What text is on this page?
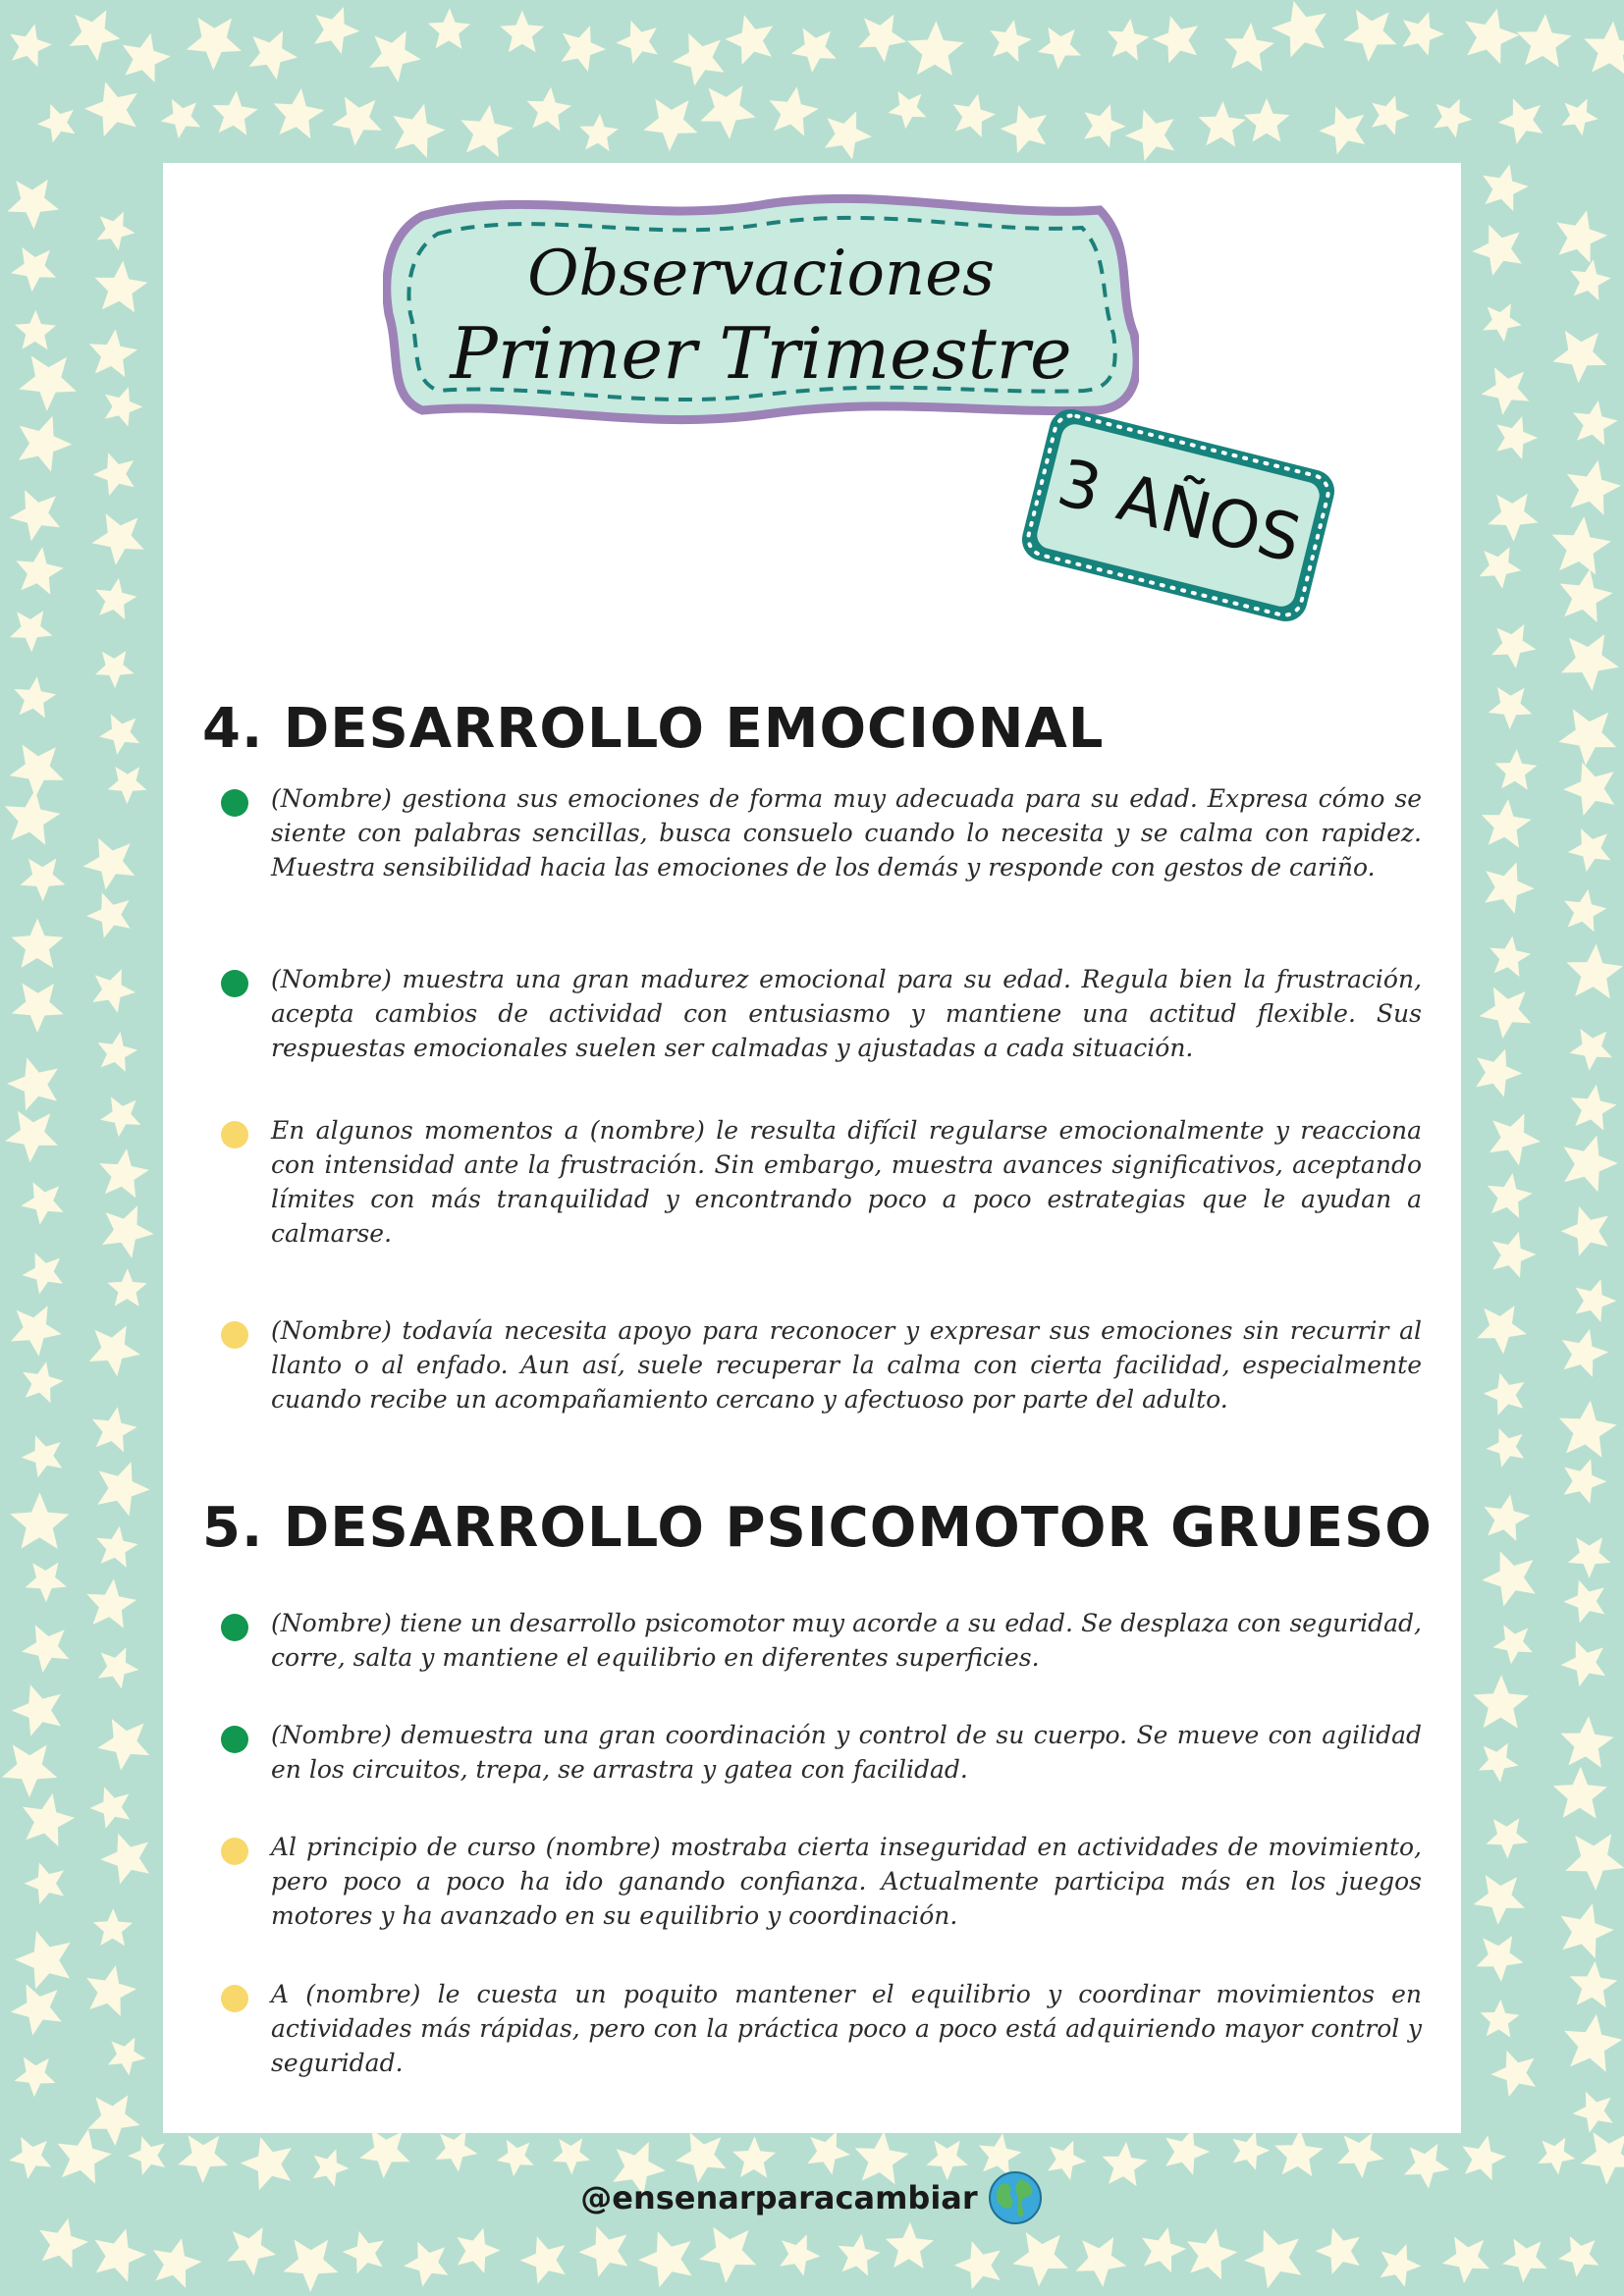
Observaciones
Primer Trimestre
3 AÑOS
4. DESARROLLO EMOCIONAL
(Nombre) gestiona sus emociones de forma muy adecuada para su edad. Expresa cómo se siente con palabras sencillas, busca consuelo cuando lo necesita y se calma con rapidez. Muestra sensibilidad hacia las emociones de los demás y responde con gestos de cariño.
(Nombre) muestra una gran madurez emocional para su edad. Regula bien la frustración, acepta cambios de actividad con entusiasmo y mantiene una actitud flexible. Sus respuestas emocionales suelen ser calmadas y ajustadas a cada situación.
En algunos momentos a (nombre) le resulta difícil regularse emocionalmente y reacciona con intensidad ante la frustración. Sin embargo, muestra avances significativos, aceptando límites con más tranquilidad y encontrando poco a poco estrategias que le ayudan a calmarse.
(Nombre) todavía necesita apoyo para reconocer y expresar sus emociones sin recurrir al llanto o al enfado. Aun así, suele recuperar la calma con cierta facilidad, especialmente cuando recibe un acompañamiento cercano y afectuoso por parte del adulto.
5. DESARROLLO PSICOMOTOR GRUESO
(Nombre) tiene un desarrollo psicomotor muy acorde a su edad. Se desplaza con seguridad, corre, salta y mantiene el equilibrio en diferentes superficies.
(Nombre) demuestra una gran coordinación y control de su cuerpo. Se mueve con agilidad en los circuitos, trepa, se arrastra y gatea con facilidad.
Al principio de curso (nombre) mostraba cierta inseguridad en actividades de movimiento, pero poco a poco ha ido ganando confianza. Actualmente participa más en los juegos motores y ha avanzado en su equilibrio y coordinación.
A (nombre) le cuesta un poquito mantener el equilibrio y coordinar movimientos en actividades más rápidas, pero con la práctica poco a poco está adquiriendo mayor control y seguridad.
@ensenarparacambiar
